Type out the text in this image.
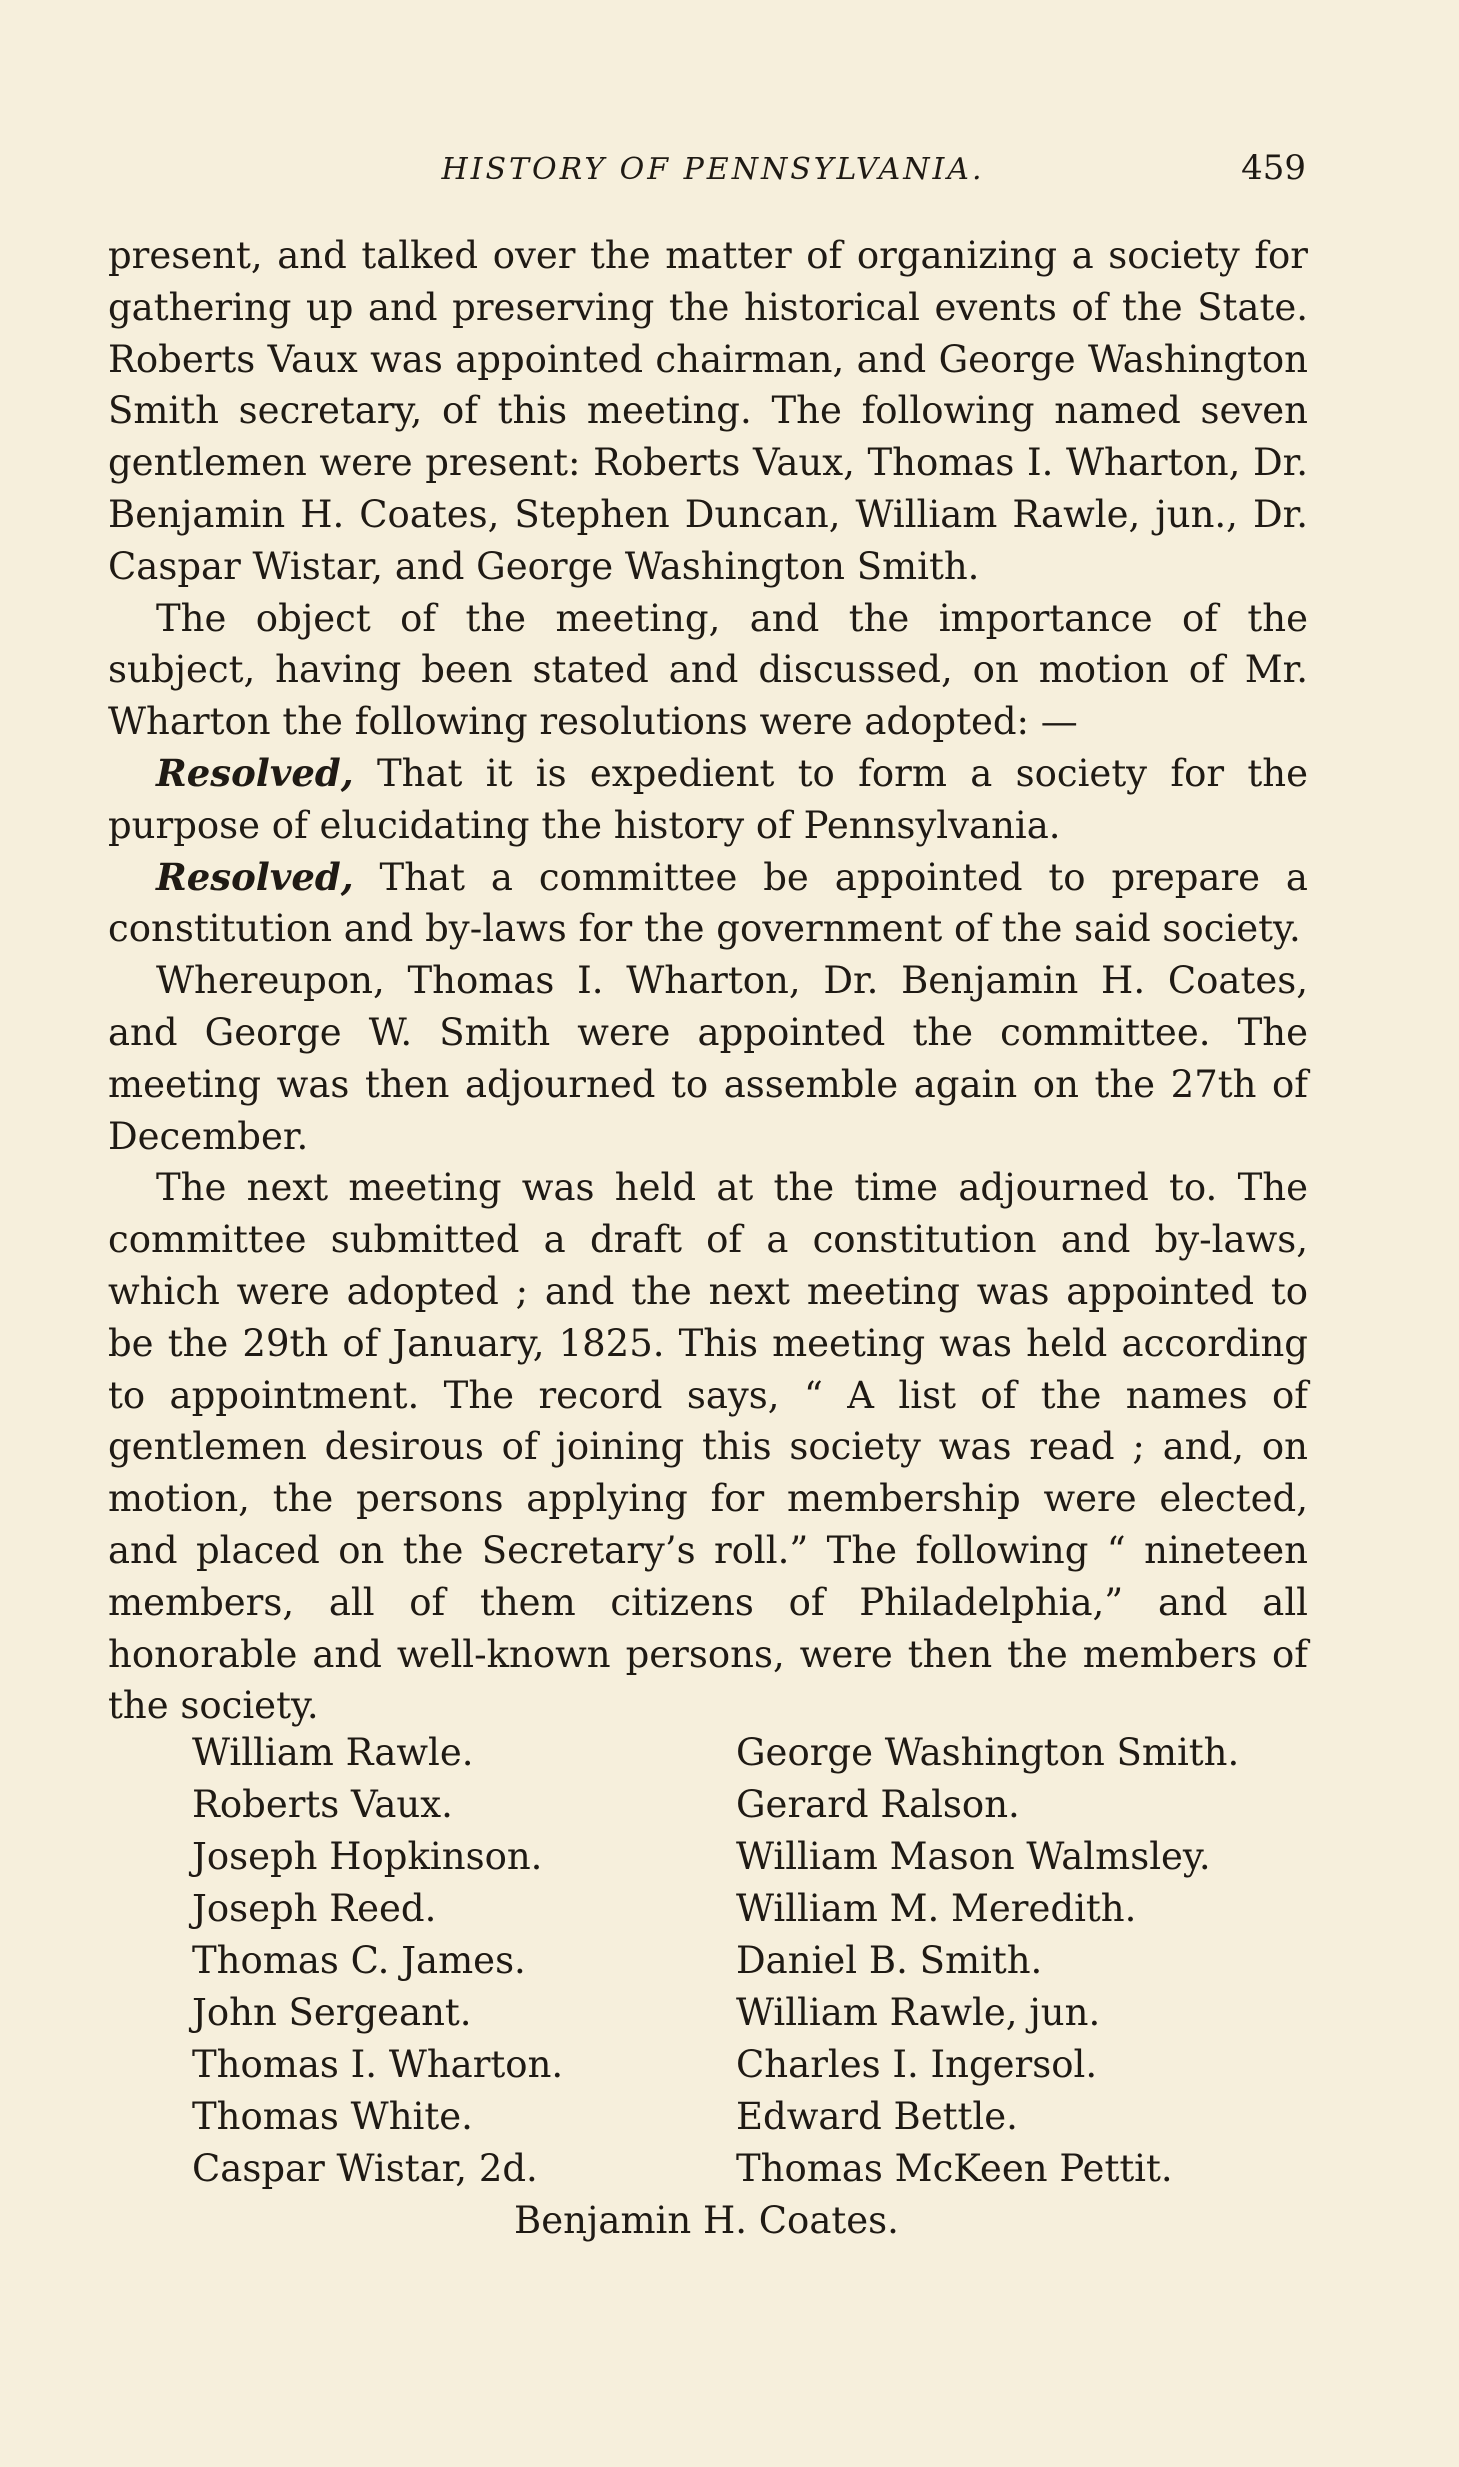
HISTORY OF PENNSYLVANIA.	459

present, and talked over the matter of organizing a society for gathering up and preserving the historical events of the State. Roberts Vaux was appointed chairman, and George Washington Smith secretary, of this meeting. The following named seven gentlemen were present: Roberts Vaux, Thomas I. Wharton, Dr. Benjamin H. Coates, Stephen Duncan, William Rawle, jun., Dr. Caspar Wistar, and George Washington Smith.

The object of the meeting, and the importance of the subject, having been stated and discussed, on motion of Mr. Wharton the following resolutions were adopted: —

Resolved, That it is expedient to form a society for the purpose of elucidating the history of Pennsylvania.

Resolved, That a committee be appointed to prepare a constitution and by-laws for the government of the said society.

Whereupon, Thomas I. Wharton, Dr. Benjamin H. Coates, and George W. Smith were appointed the committee. The meeting was then adjourned to assemble again on the 27th of December.

The next meeting was held at the time adjourned to. The committee submitted a draft of a constitution and by-laws, which were adopted ; and the next meeting was appointed to be the 29th of January, 1825. This meeting was held according to appointment. The record says, “ A list of the names of gentlemen desirous of joining this society was read ; and, on motion, the persons applying for membership were elected, and placed on the Secretary’s roll.” The following “ nineteen members, all of them citizens of Philadelphia,” and all honorable and well-known persons, were then the members of the society.

William Rawle.
Roberts Vaux.
Joseph Hopkinson.
Joseph Reed.
Thomas C. James.
John Sergeant.
Thomas I. Wharton.
Thomas White.
Caspar Wistar, 2d.
George Washington Smith.
Gerard Ralson.
William Mason Walmsley.
William M. Meredith.
Daniel B. Smith.
William Rawle, jun.
Charles I. Ingersol.
Edward Bettle.
Thomas McKeen Pettit.
Benjamin H. Coates.
